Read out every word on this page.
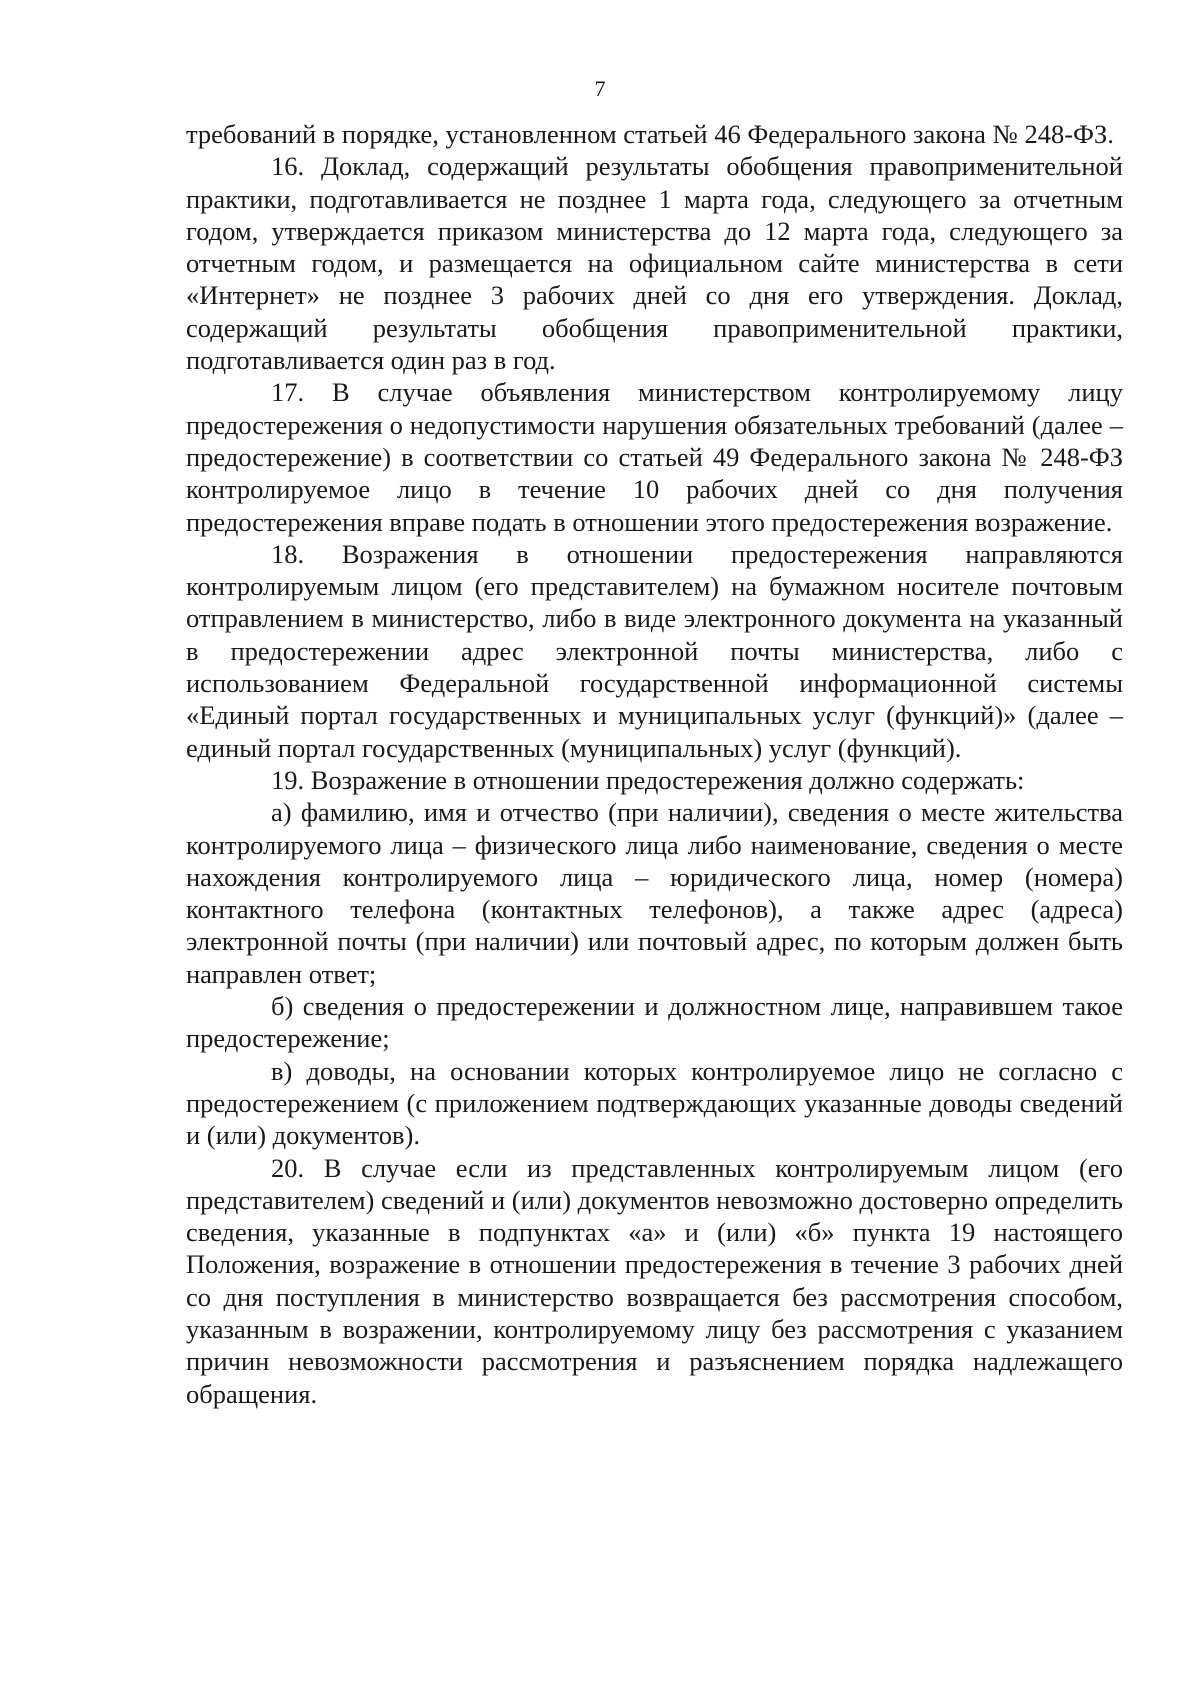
7

требований в порядке, установленном статьей 46 Федерального закона № 248-ФЗ.

16. Доклад, содержащий результаты обобщения правоприменительной практики, подготавливается не позднее 1 марта года, следующего за отчетным годом, утверждается приказом министерства до 12 марта года, следующего за отчетным годом, и размещается на официальном сайте министерства в сети «Интернет» не позднее 3 рабочих дней со дня его утверждения. Доклад, содержащий результаты обобщения правоприменительной практики, подготавливается один раз в год.

17. В случае объявления министерством контролируемому лицу предостережения о недопустимости нарушения обязательных требований (далее – предостережение) в соответствии со статьей 49 Федерального закона № 248-ФЗ контролируемое лицо в течение 10 рабочих дней со дня получения предостережения вправе подать в отношении этого предостережения возражение.

18. Возражения в отношении предостережения направляются контролируемым лицом (его представителем) на бумажном носителе почтовым отправлением в министерство, либо в виде электронного документа на указанный в предостережении адрес электронной почты министерства, либо с использованием Федеральной государственной информационной системы «Единый портал государственных и муниципальных услуг (функций)» (далее – единый портал государственных (муниципальных) услуг (функций).

19. Возражение в отношении предостережения должно содержать:

а) фамилию, имя и отчество (при наличии), сведения о месте жительства контролируемого лица – физического лица либо наименование, сведения о месте нахождения контролируемого лица – юридического лица, номер (номера) контактного телефона (контактных телефонов), а также адрес (адреса) электронной почты (при наличии) или почтовый адрес, по которым должен быть направлен ответ;

б) сведения о предостережении и должностном лице, направившем такое предостережение;

в) доводы, на основании которых контролируемое лицо не согласно с предостережением (с приложением подтверждающих указанные доводы сведений и (или) документов).

20. В случае если из представленных контролируемым лицом (его представителем) сведений и (или) документов невозможно достоверно определить сведения, указанные в подпунктах «а» и (или) «б» пункта 19 настоящего Положения, возражение в отношении предостережения в течение 3 рабочих дней со дня поступления в министерство возвращается без рассмотрения способом, указанным в возражении, контролируемому лицу без рассмотрения с указанием причин невозможности рассмотрения и разъяснением порядка надлежащего обращения.
